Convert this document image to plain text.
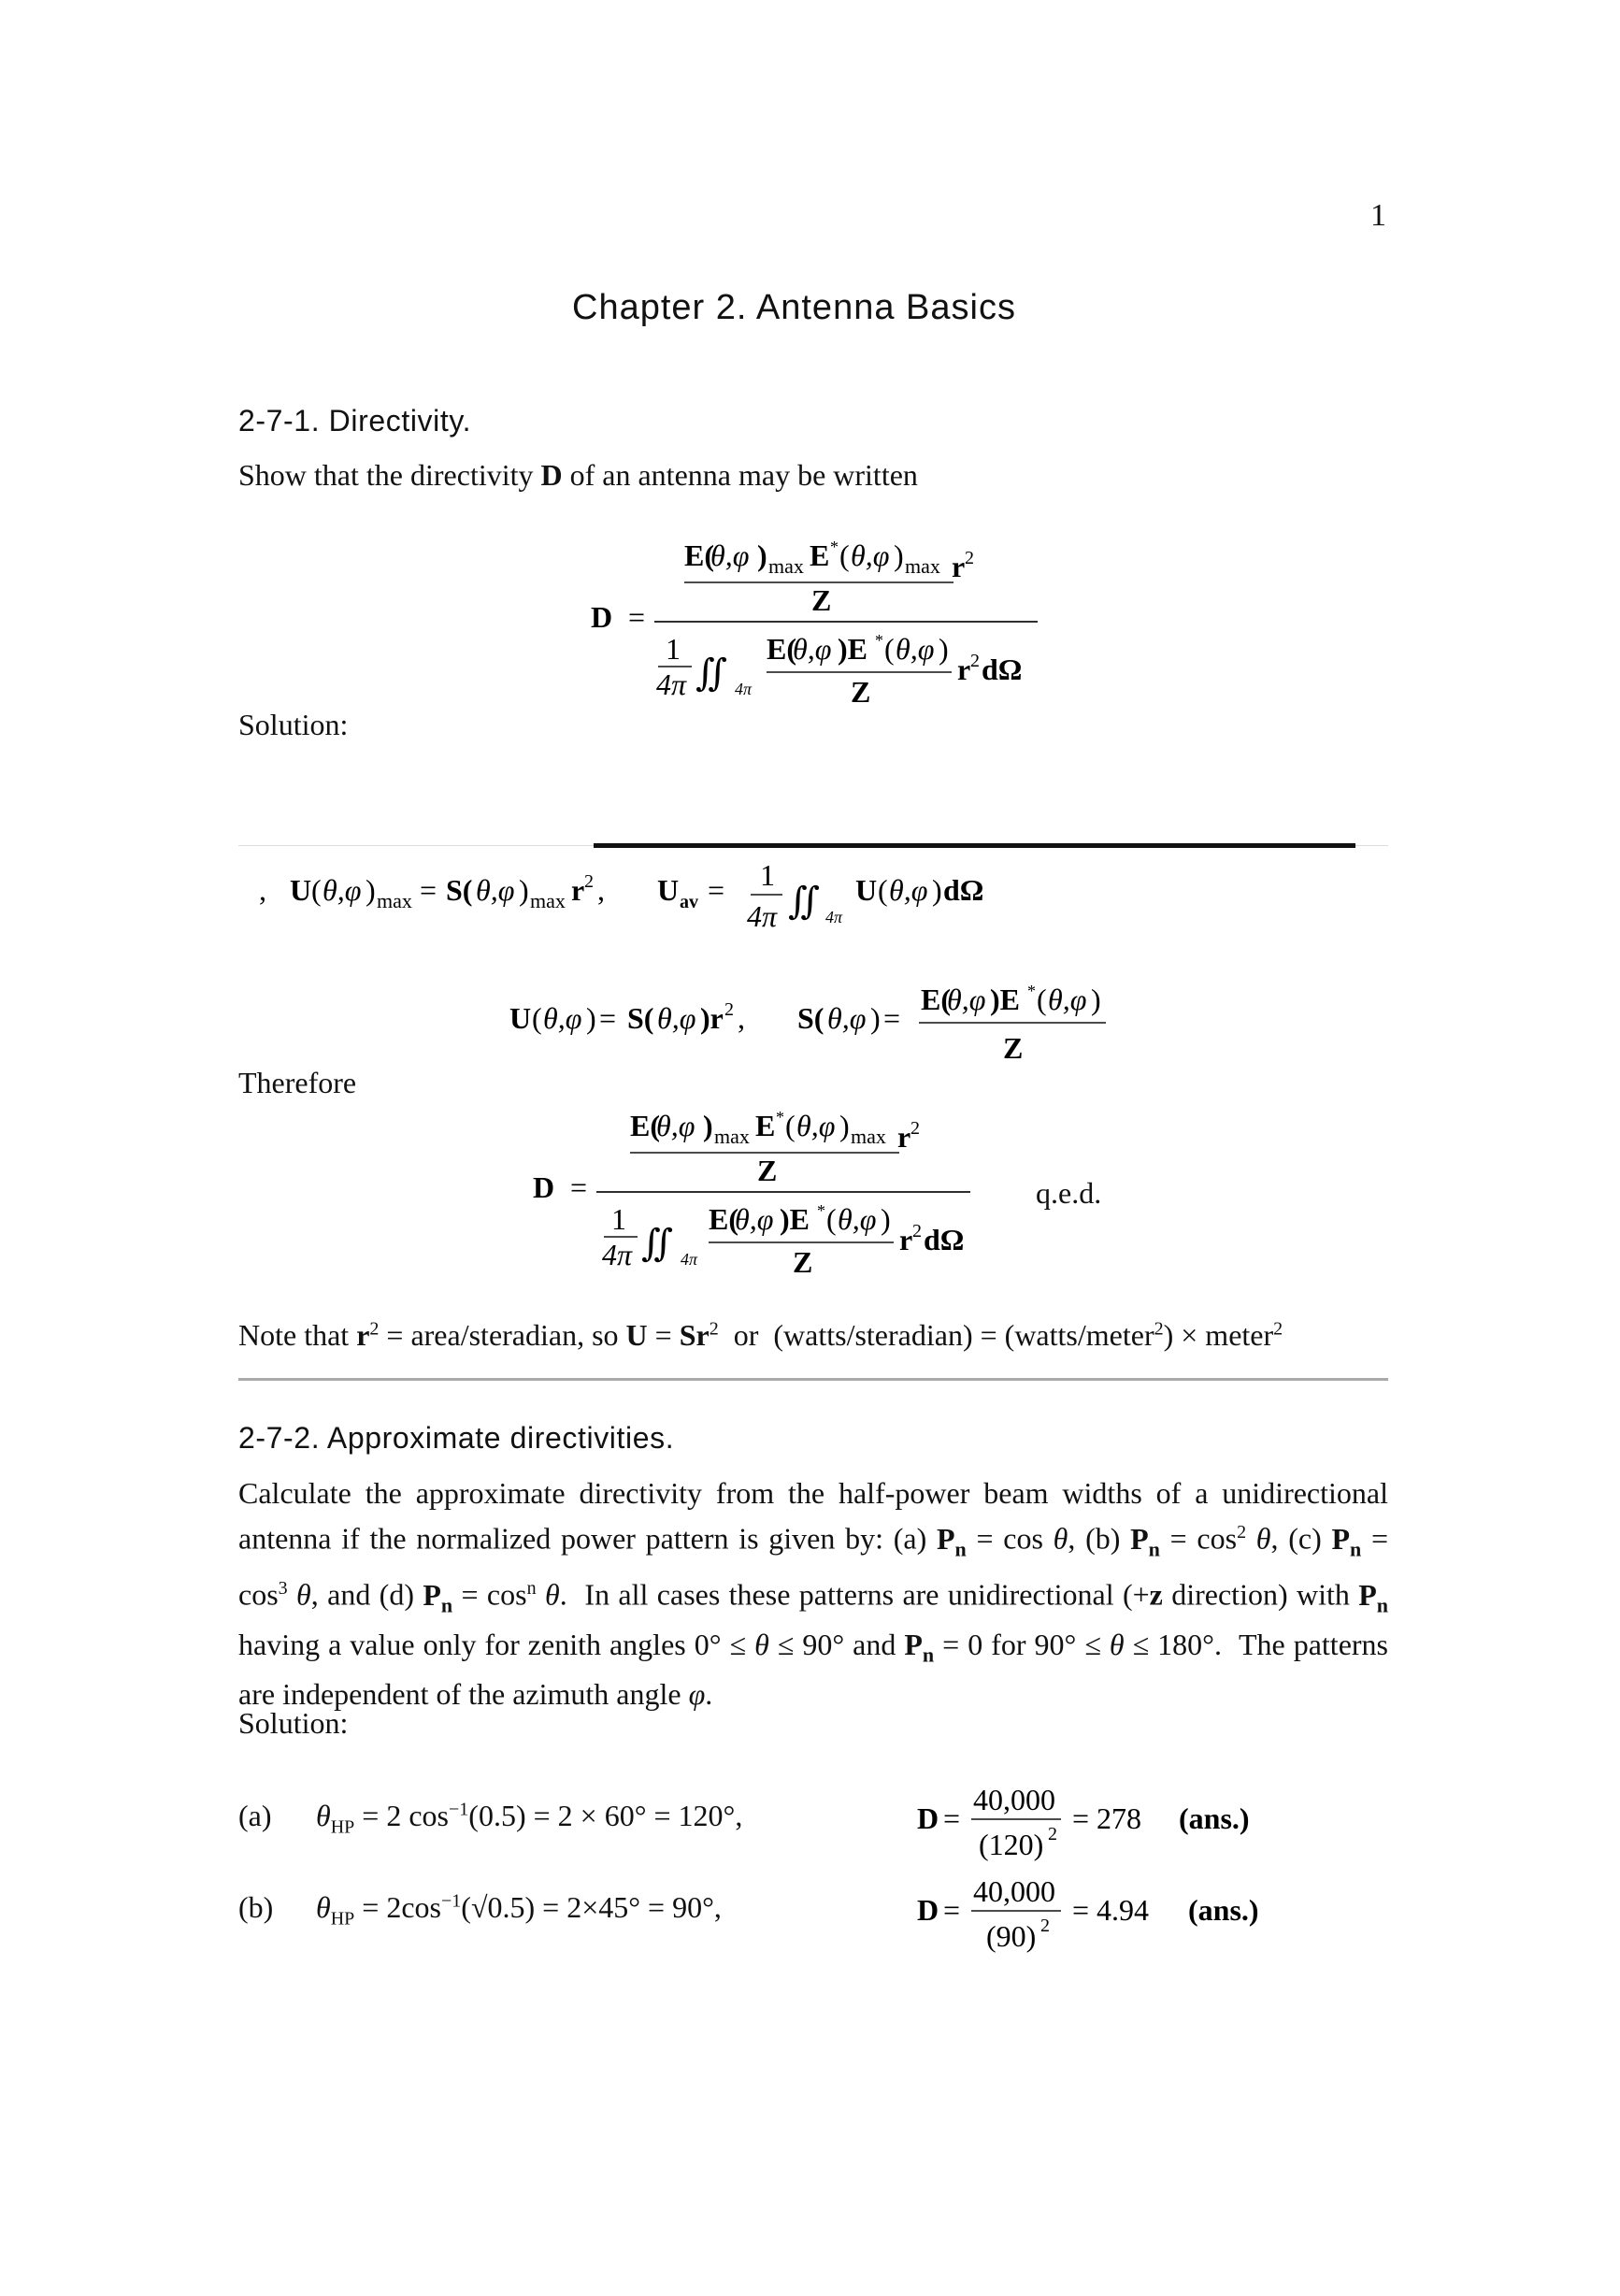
1
Chapter 2. Antenna Basics
2-7-1. Directivity.
Show that the directivity D of an antenna may be written
D =
E(
θ,φ ) max E * ( θ,φ ) max r 2
Z
1
4π ∬ 4π
E(
θ,φ )E * ( θ,φ )
Z
r 2 dΩ
Solution:
, U ( θ,φ ) max = S( θ,φ ) max r 2 , U av = 1
4π ∬ 4π
U ( θ,φ ) dΩ
U ( θ,φ ) = S( θ,φ )r 2 , S( θ,φ ) =
E(
θ,φ )E * ( θ,φ )
Z
Therefore
D =
E(
θ,φ ) max E * ( θ,φ ) max r 2
Z
1
4π ∬ 4π
E(
θ,φ )E * ( θ,φ )
Z
r 2 dΩ
q.e.d.
Note that $r^2$ = area/steradian, so $U = Sr^2$  or  (watts/steradian) = (watts/meter$^2$) × meter$^2$
2-7-2. Approximate directivities.
Calculate the approximate directivity from the half-power beam widths of a unidirectional antenna if the normalized power pattern is given by: (a) $P_n = \cos \theta$, (b) $P_n = \cos^2 \theta$, (c) $P_n = \cos^3 \theta$, and (d) $P_n = \cos^n \theta$.  In all cases these patterns are unidirectional (+z direction) with $P_n$ having a value only for zenith angles 0° ≤ θ ≤ 90° and $P_n = 0$ for 90° ≤ θ ≤ 180°.  The patterns are independent of the azimuth angle φ.
Solution:
(a) $\theta_{HP} = 2$ $\cos^{-1}(0.5) = 2 \times 60^\circ = 120^\circ$,	D =
40,000
(120) 2 = 278 (ans.)
(b) $\theta_{HP} = 2\cos^{-1}(√0.5) = 2\times 45^\circ = 90^\circ$,	D =
40,000
(90) 2 = 4.94 (ans.)
